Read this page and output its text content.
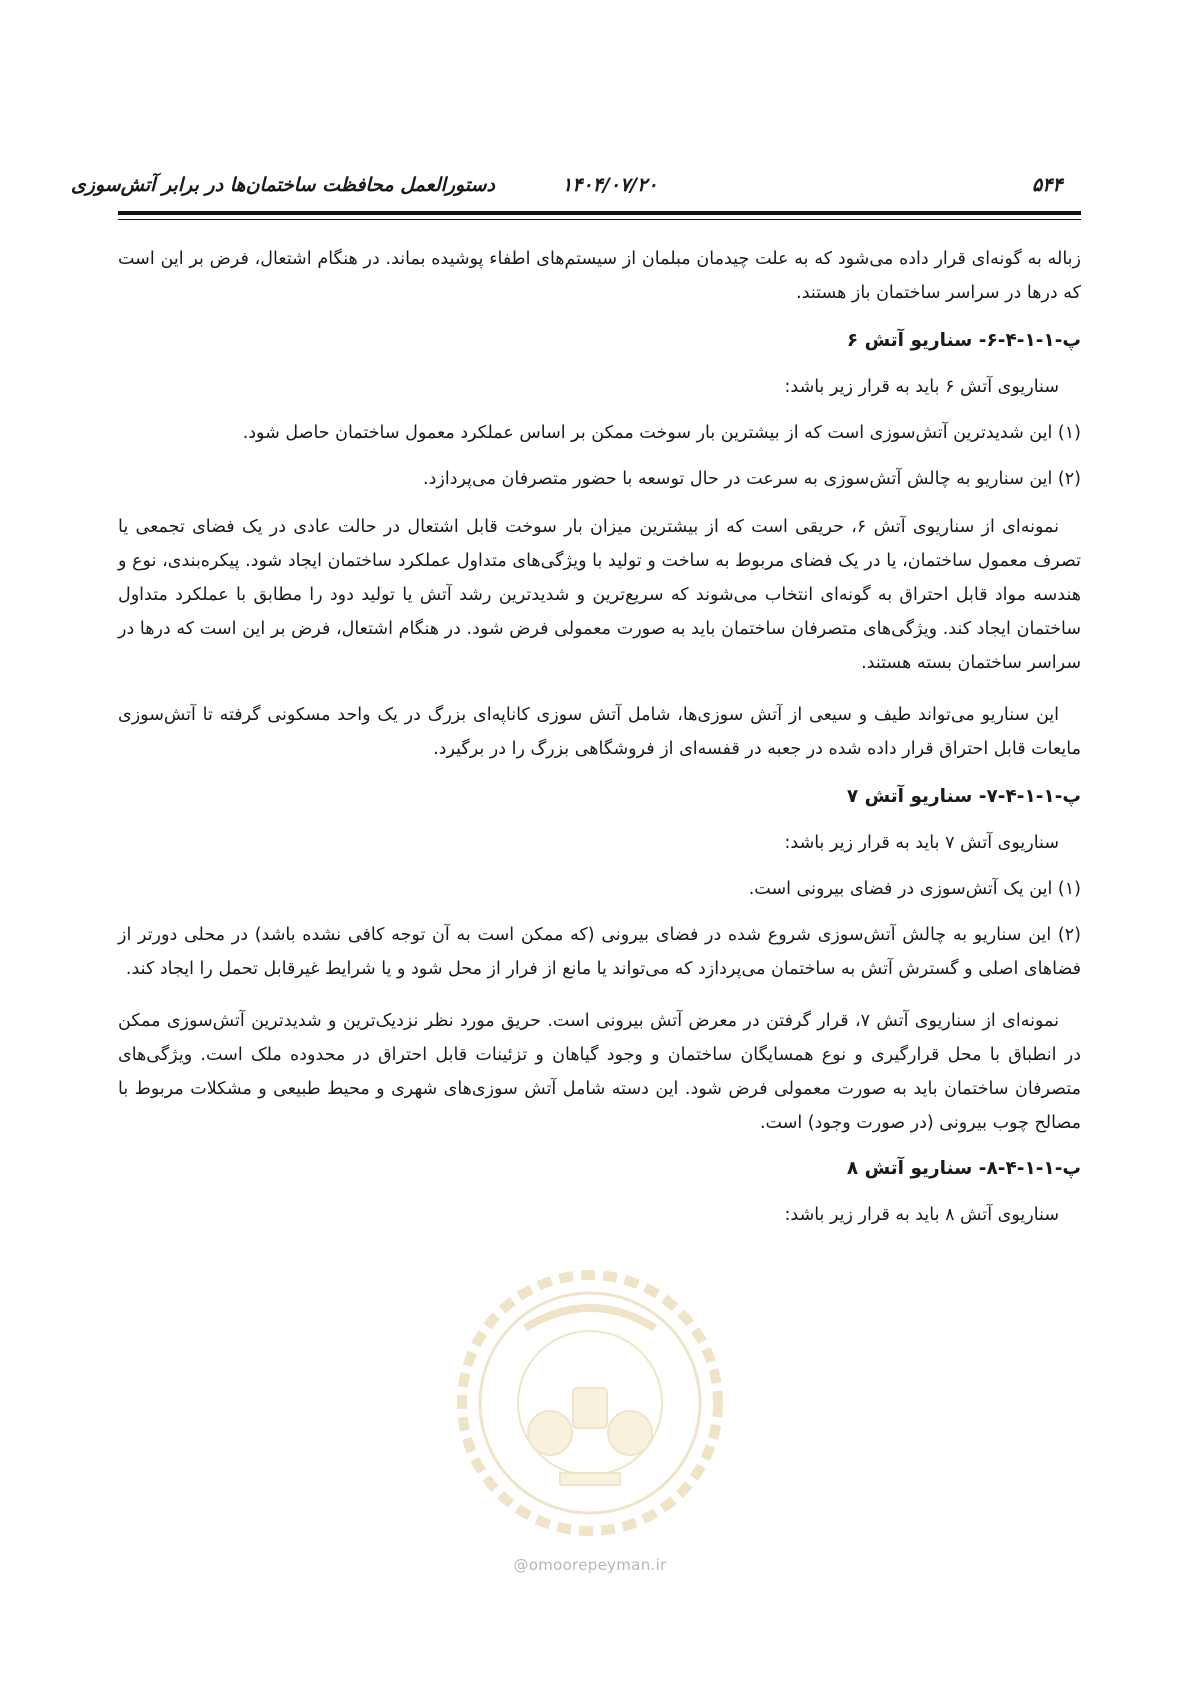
۵۴۴
۱۴۰۴/۰۷/۲۰
دستورالعمل محافظت ساختمان‌ها در برابر آتش‌سوزی

زباله به گونه‌ای قرار داده می‌شود که به علت چیدمان مبلمان از سیستم‌های اطفاء پوشیده بماند. در هنگام اشتعال، فرض بر این است که درها در سراسر ساختمان باز هستند.

پ-۱-۱-۴-۶- سناریو آتش ۶

سناریوی آتش ۶ باید به قرار زیر باشد:

(۱) این شدیدترین آتش‌سوزی است که از بیشترین بار سوخت ممکن بر اساس عملکرد معمول ساختمان حاصل شود.

(۲) این سناریو به چالش آتش‌سوزی به سرعت در حال توسعه با حضور متصرفان می‌پردازد.

نمونه‌ای از سناریوی آتش ۶، حریقی است که از بیشترین میزان بار سوخت قابل اشتعال در حالت عادی در یک فضای تجمعی یا تصرف معمول ساختمان، یا در یک فضای مربوط به ساخت و تولید با ویژگی‌های متداول عملکرد ساختمان ایجاد شود. پیکره‌بندی، نوع و هندسه مواد قابل احتراق به گونه‌ای انتخاب می‌شوند که سریع‌ترین و شدیدترین رشد آتش یا تولید دود را مطابق با عملکرد متداول ساختمان ایجاد کند. ویژگی‌های متصرفان ساختمان باید به صورت معمولی فرض شود. در هنگام اشتعال، فرض بر این است که درها در سراسر ساختمان بسته هستند.

این سناریو می‌تواند طیف و سیعی از آتش سوزی‌ها، شامل آتش سوزی کاناپه‌ای بزرگ در یک واحد مسکونی گرفته تا آتش‌سوزی مایعات قابل احتراق قرار داده شده در جعبه در قفسه‌ای از فروشگاهی بزرگ را در برگیرد.

پ-۱-۱-۴-۷- سناریو آتش ۷

سناریوی آتش ۷ باید به قرار زیر باشد:

(۱) این یک آتش‌سوزی در فضای بیرونی است.

(۲) این سناریو به چالش آتش‌سوزی شروع شده در فضای بیرونی (که ممکن است به آن توجه کافی نشده باشد) در محلی دورتر از فضاهای اصلی و گسترش آتش به ساختمان می‌پردازد که می‌تواند یا مانع از فرار از محل شود و یا شرایط غیرقابل تحمل را ایجاد کند.

نمونه‌ای از سناریوی آتش ۷، قرار گرفتن در معرض آتش بیرونی است. حریق مورد نظر نزدیک‌ترین و شدیدترین آتش‌سوزی ممکن در انطباق با محل قرارگیری و نوع همسایگان ساختمان و وجود گیاهان و تزئینات قابل احتراق در محدوده ملک است. ویژگی‌های متصرفان ساختمان باید به صورت معمولی فرض شود. این دسته شامل آتش سوزی‌های شهری و محیط طبیعی و مشکلات مربوط با مصالح چوب بیرونی (در صورت وجود) است.

پ-۱-۱-۴-۸- سناریو آتش ۸

سناریوی آتش ۸ باید به قرار زیر باشد:

@omoorepeyman.ir
